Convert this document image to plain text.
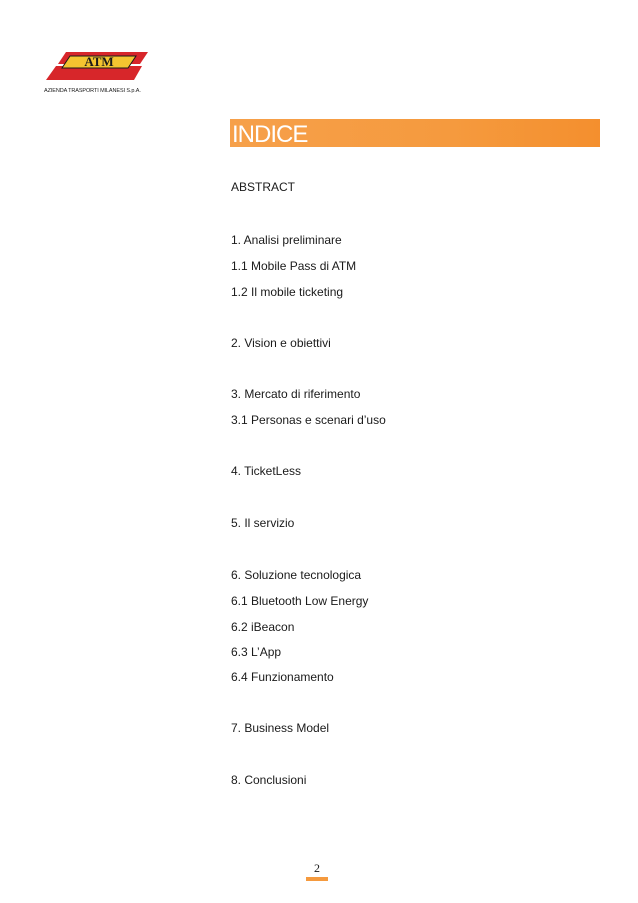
ATM
AZIENDA TRASPORTI MILANESI S.p.A.
INDICE
ABSTRACT
1. Analisi preliminare
1.1 Mobile Pass di ATM
1.2 Il mobile ticketing
2. Vision e obiettivi
3. Mercato di riferimento
3.1 Personas e scenari d’uso
4. TicketLess
5. Il servizio
6. Soluzione tecnologica
6.1 Bluetooth Low Energy
6.2 iBeacon
6.3 L’App
6.4 Funzionamento
7. Business Model
8. Conclusioni
2
